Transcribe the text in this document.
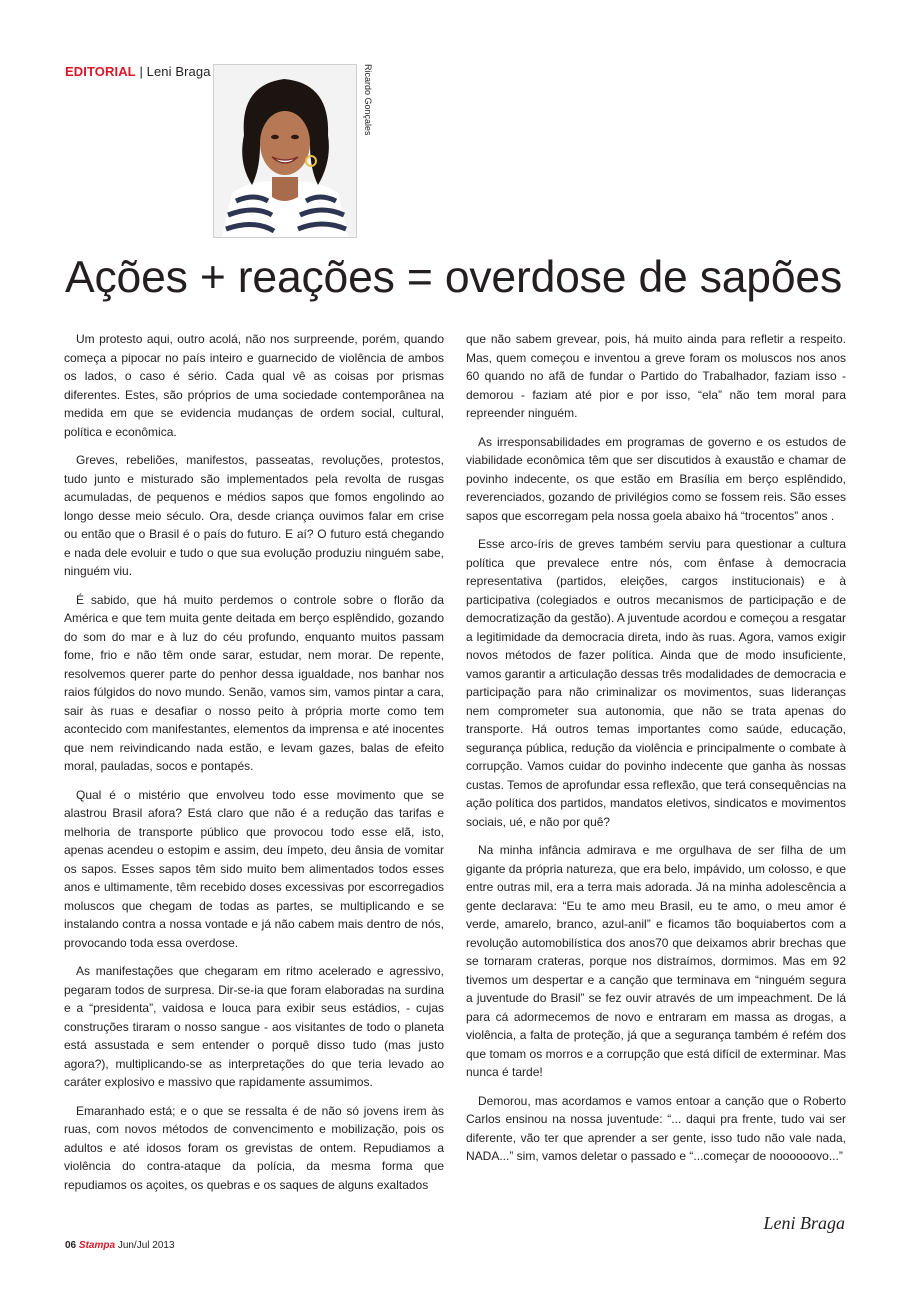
EDITORIAL | Leni Braga	Ricardo Gonçales
Ações + reações = overdose de sapões

Um protesto aqui, outro acolá, não nos surpreende, porém, quando começa a pipocar no país inteiro e guarnecido de violência de ambos os lados, o caso é sério. Cada qual vê as coisas por prismas diferentes. Estes, são próprios de uma sociedade contemporânea na medida em que se evidencia mudanças de ordem social, cultural, política e econômica.

Greves, rebeliões, manifestos, passeatas, revoluções, protestos, tudo junto e misturado são implementados pela revolta de rusgas acumuladas, de pequenos e médios sapos que fomos engolindo ao longo desse meio século. Ora, desde criança ouvimos falar em crise ou então que o Brasil é o país do futuro. E aí? O futuro está chegando e nada dele evoluir e tudo o que sua evolução produziu ninguém sabe, ninguém viu.

É sabido, que há muito perdemos o controle sobre o florão da América e que tem muita gente deitada em berço esplêndido, gozando do som do mar e à luz do céu profundo, enquanto muitos passam fome, frio e não têm onde sarar, estudar, nem morar. De repente, resolvemos querer parte do penhor dessa igualdade, nos banhar nos raios fúlgidos do novo mundo. Senão, vamos sim, vamos pintar a cara, sair às ruas e desafiar o nosso peito à própria morte como tem acontecido com manifestantes, elementos da imprensa e até inocentes que nem reivindicando nada estão, e levam gazes, balas de efeito moral, pauladas, socos e pontapés.

Qual é o mistério que envolveu todo esse movimento que se alastrou Brasil afora? Está claro que não é a redução das tarifas e melhoria de transporte público que provocou todo esse elã, isto, apenas acendeu o estopim e assim, deu ímpeto, deu ânsia de vomitar os sapos. Esses sapos têm sido muito bem alimentados todos esses anos e ultimamente, têm recebido doses excessivas por escorregadios moluscos que chegam de todas as partes, se multiplicando e se instalando contra a nossa vontade e já não cabem mais dentro de nós, provocando toda essa overdose.

As manifestações que chegaram em ritmo acelerado e agressivo, pegaram todos de surpresa. Dir-se-ia que foram elaboradas na surdina e a “presidenta”, vaidosa e louca para exibir seus estádios, - cujas construções tiraram o nosso sangue - aos visitantes de todo o planeta está assustada e sem entender o porquê disso tudo (mas justo agora?), multiplicando-se as interpretações do que teria levado ao caráter explosivo e massivo que rapidamente assumimos.

Emaranhado está; e o que se ressalta é de não só jovens irem às ruas, com novos métodos de convencimento e mobilização, pois os adultos e até idosos foram os grevistas de ontem. Repudiamos a violência do contra-ataque da polícia, da mesma forma que repudiamos os açoites, os quebras e os saques de alguns exaltados

que não sabem grevear, pois, há muito ainda para refletir a respeito. Mas, quem começou e inventou a greve foram os moluscos nos anos 60 quando no afã de fundar o Partido do Trabalhador, faziam isso - demorou - faziam até pior e por isso, “ela” não tem moral para repreender ninguém.

As irresponsabilidades em programas de governo e os estudos de viabilidade econômica têm que ser discutidos à exaustão e chamar de povinho indecente, os que estão em Brasília em berço esplêndido, reverenciados, gozando de privilégios como se fossem reis. São esses sapos que escorregam pela nossa goela abaixo há “trocentos” anos .

Esse arco-íris de greves também serviu para questionar a cultura política que prevalece entre nós, com ênfase à democracia representativa (partidos, eleições, cargos institucionais) e à participativa (colegiados e outros mecanismos de participação e de democratização da gestão). A juventude acordou e começou a resgatar a legitimidade da democracia direta, indo às ruas. Agora, vamos exigir novos métodos de fazer política. Ainda que de modo insuficiente, vamos garantir a articulação dessas três modalidades de democracia e participação para não criminalizar os movimentos, suas lideranças nem comprometer sua autonomia, que não se trata apenas do transporte. Há outros temas importantes como saúde, educação, segurança pública, redução da violência e principalmente o combate à corrupção. Vamos cuidar do povinho indecente que ganha às nossas custas. Temos de aprofundar essa reflexão, que terá consequências na ação política dos partidos, mandatos eletivos, sindicatos e movimentos sociais, ué, e não por quê?

Na minha infância admirava e me orgulhava de ser filha de um gigante da própria natureza, que era belo, impávido, um colosso, e que entre outras mil, era a terra mais adorada. Já na minha adolescência a gente declarava: “Eu te amo meu Brasil, eu te amo, o meu amor é verde, amarelo, branco, azul-anil” e ficamos tão boquiabertos com a revolução automobilística dos anos70 que deixamos abrir brechas que se tornaram crateras, porque nos distraímos, dormimos. Mas em 92 tivemos um despertar e a canção que terminava em “ninguém segura a juventude do Brasil” se fez ouvir através de um impeachment. De lá para cá adormecemos de novo e entraram em massa as drogas, a violência, a falta de proteção, já que a segurança também é refém dos que tomam os morros e a corrupção que está difícil de exterminar. Mas nunca é tarde!

Demorou, mas acordamos e vamos entoar a canção que o Roberto Carlos ensinou na nossa juventude: “... daqui pra frente, tudo vai ser diferente, vão ter que aprender a ser gente, isso tudo não vale nada, NADA...” sim, vamos deletar o passado e “...começar de noooooovo...”

Leni Braga
06 Stampa Jun/Jul 2013
